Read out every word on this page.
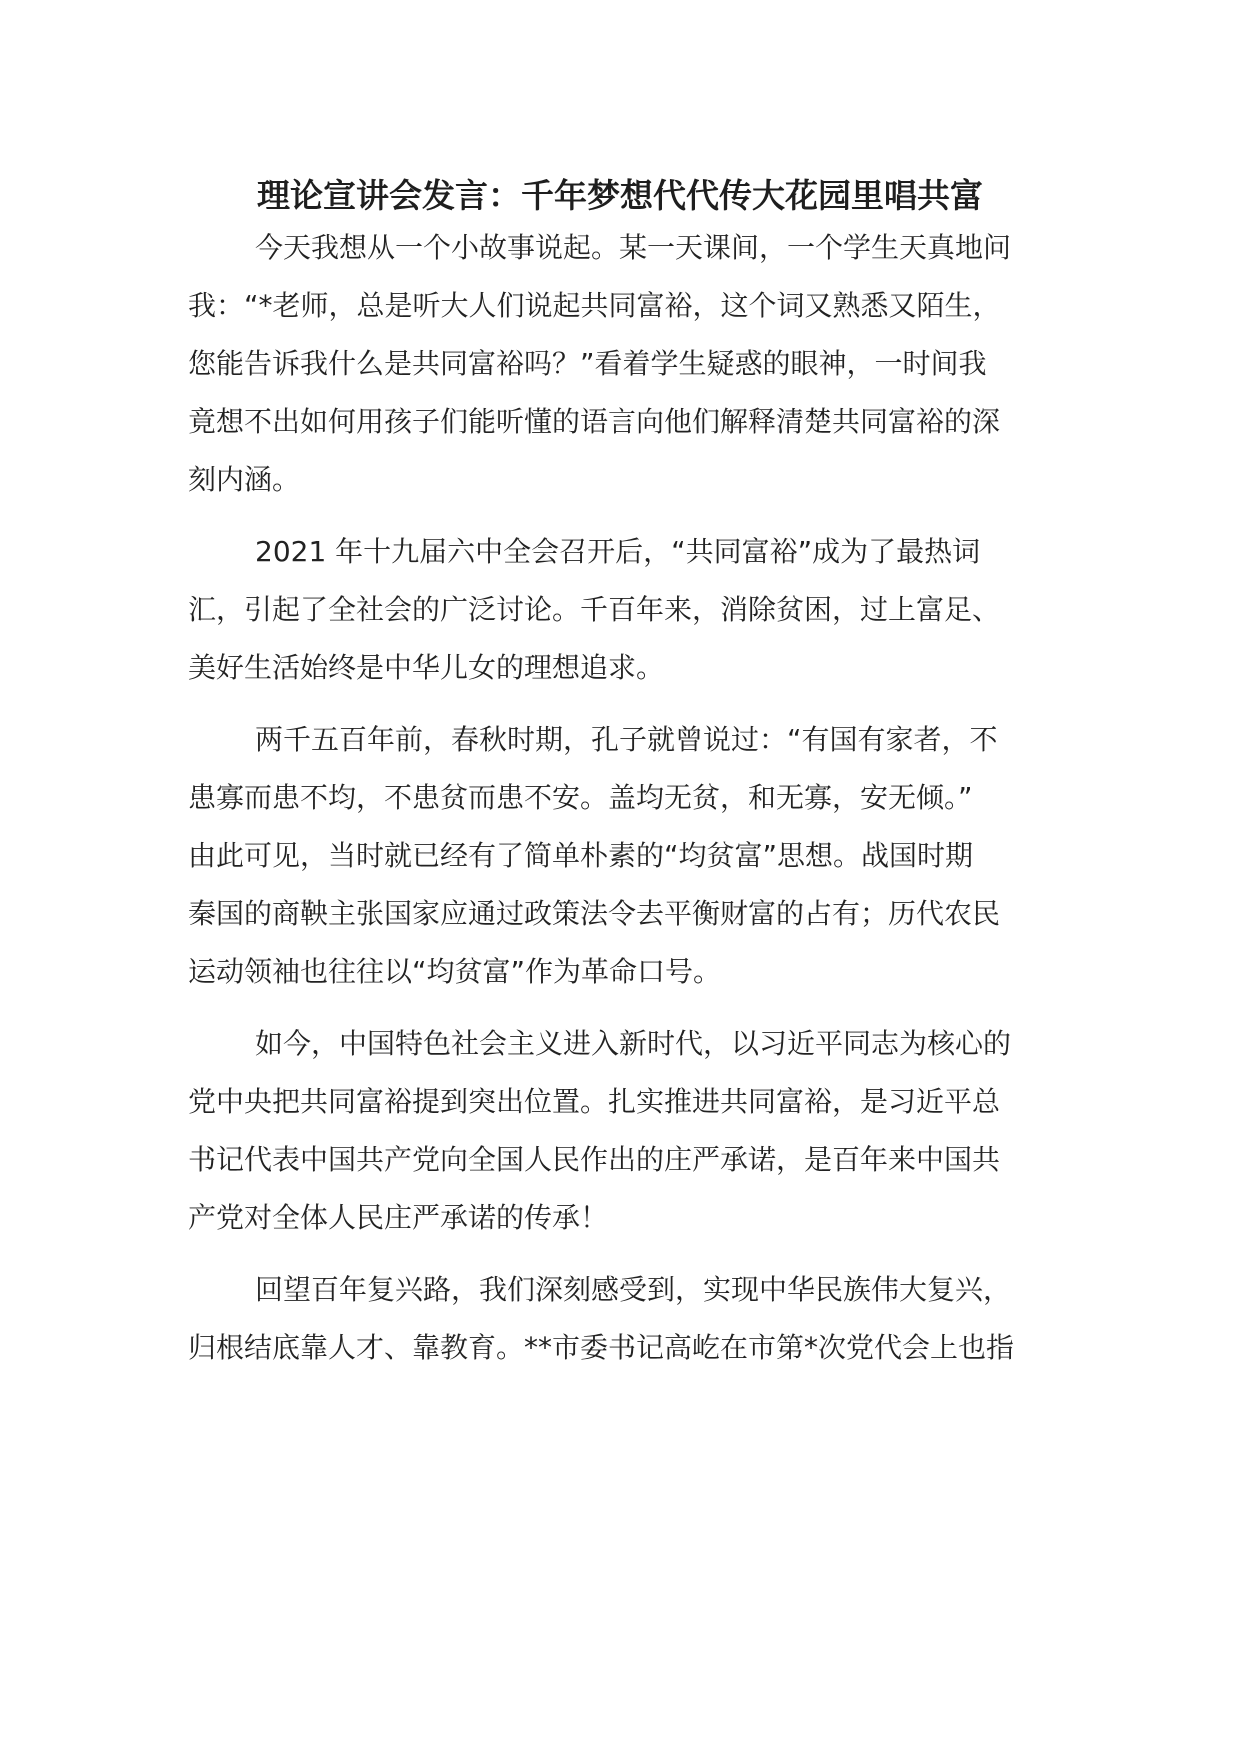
理论宣讲会发言：千年梦想代代传大花园里唱共富
今天我想从一个小故事说起。某一天课间，一个学生天真地问
我：“*老师，总是听大人们说起共同富裕，这个词又熟悉又陌生，
您能告诉我什么是共同富裕吗？”看着学生疑惑的眼神，一时间我
竟想不出如何用孩子们能听懂的语言向他们解释清楚共同富裕的深
刻内涵。
2021 年十九届六中全会召开后，“共同富裕”成为了最热词
汇，引起了全社会的广泛讨论。千百年来，消除贫困，过上富足、
美好生活始终是中华儿女的理想追求。
两千五百年前，春秋时期，孔子就曾说过：“有国有家者，不
患寡而患不均，不患贫而患不安。盖均无贫，和无寡，安无倾。”
由此可见，当时就已经有了简单朴素的“均贫富”思想。战国时期
秦国的商鞅主张国家应通过政策法令去平衡财富的占有；历代农民
运动领袖也往往以“均贫富”作为革命口号。
如今，中国特色社会主义进入新时代，以习近平同志为核心的
党中央把共同富裕提到突出位置。扎实推进共同富裕，是习近平总
书记代表中国共产党向全国人民作出的庄严承诺，是百年来中国共
产党对全体人民庄严承诺的传承！
回望百年复兴路，我们深刻感受到，实现中华民族伟大复兴，
归根结底靠人才、靠教育。**市委书记高屹在市第*次党代会上也指
